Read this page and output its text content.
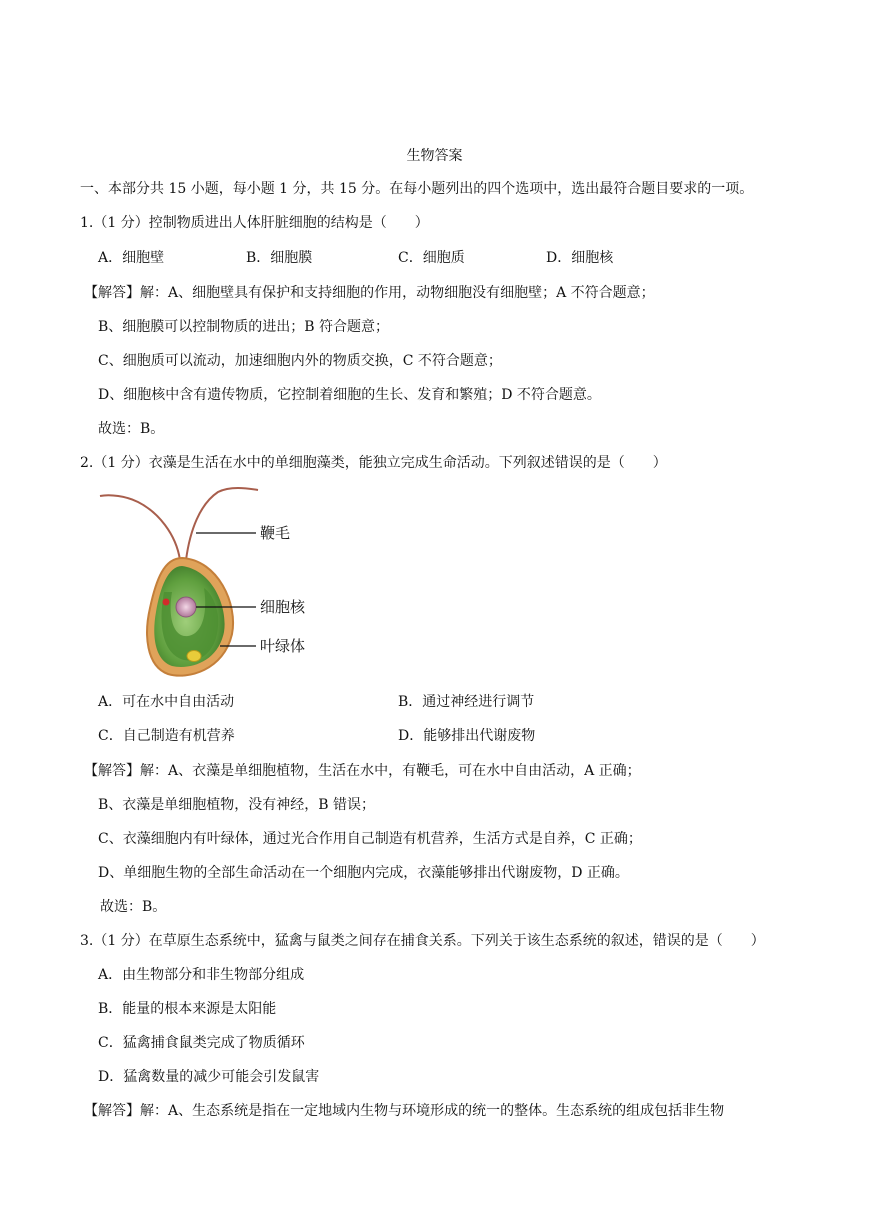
生物答案
一、本部分共 15 小题，每小题 1 分，共 15 分。在每小题列出的四个选项中，选出最符合题目要求的一项。
1.（1 分）控制物质进出人体肝脏细胞的结构是（　　）
A．细胞壁	B．细胞膜	C．细胞质	D．细胞核
【解答】解：A、细胞壁具有保护和支持细胞的作用，动物细胞没有细胞壁；A 不符合题意；
B、细胞膜可以控制物质的进出；B 符合题意；
C、细胞质可以流动，加速细胞内外的物质交换，C 不符合题意；
D、细胞核中含有遗传物质，它控制着细胞的生长、发育和繁殖；D 不符合题意。
故选：B。
2.（1 分）衣藻是生活在水中的单细胞藻类，能独立完成生命活动。下列叙述错误的是（　　）
鞭毛
细胞核
叶绿体
A．可在水中自由活动	B．通过神经进行调节
C．自己制造有机营养	D．能够排出代谢废物
【解答】解：A、衣藻是单细胞植物，生活在水中，有鞭毛，可在水中自由活动，A 正确；
B、衣藻是单细胞植物，没有神经，B 错误；
C、衣藻细胞内有叶绿体，通过光合作用自己制造有机营养，生活方式是自养，C 正确；
D、单细胞生物的全部生命活动在一个细胞内完成，衣藻能够排出代谢废物，D 正确。
故选：B。
3.（1 分）在草原生态系统中，猛禽与鼠类之间存在捕食关系。下列关于该生态系统的叙述，错误的是（　　）
A．由生物部分和非生物部分组成
B．能量的根本来源是太阳能
C．猛禽捕食鼠类完成了物质循环
D．猛禽数量的减少可能会引发鼠害
【解答】解：A、生态系统是指在一定地域内生物与环境形成的统一的整体。生态系统的组成包括非生物
